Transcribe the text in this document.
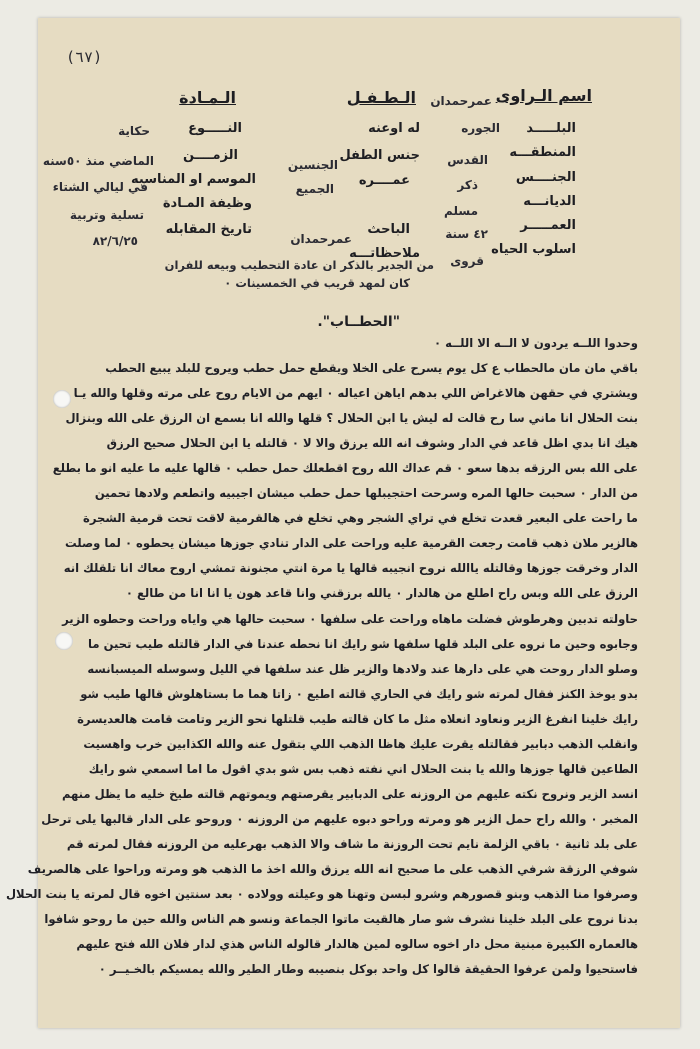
(٦٧)
اسم الـراوى
عمرحمدان
البلـــــد
الجوره
المنطقـــه
القدس
الجنــــس
ذكر
الديانـــه
مسلم
العمـــــر
٤٢ سنة
اسلوب الحياه
قروى
الـطـفـل
له اوعنه
جنس الطفل
الجنسين
عمــــره
الجميع
الباحث
عمرحمدان
ملاحظاتـــه
الـمـادة
النـــــوع
حكاية
الزمــــن
الماضي منذ ٥٠سنه
الموسم او المناسبه
في ليالي الشتاء
وظيفة المـادة
تسلية وتربية
تاريخ المقابله
٨٢/٦/٢٥
من الجدير بالذكر ان عادة التحطيب وبيعه للفران
كان لمهد قريب في الخمسينات ٠
"الحطــاب".
وحدوا اللــه يردون لا الــه الا اللــه ٠
باقي مان مان مالحطاب ع كل يوم يسرح على الخلا ويقطع حمل حطب ويروح للبلد يبيع الحطب
ويشتري في حقهن هالاغراض اللي بدهم اياهن اعياله ٠ ايهم من الايام روح على مرته وقلها والله يـا
بنت الحلال انا ماني سا رح قالت له ليش يا ابن الحلال ؟ قلها والله انا بسمع ان الرزق على الله وبنزال
هيك انا بدي اظل قاعد في الدار وشوف انه الله يرزق والا لا ٠ قالتله يا ابن الحلال صحيح الرزق
على الله بس الرزقه بدها سعو ٠ قم عداك الله روح اقطعلك حمل حطب ٠ قالها عليه ما عليه انو ما بطلع
من الدار ٠ سحبت حالها المره وسرحت احتجيبلها حمل حطب ميشان اجيبيه واتطعم ولادها تحمين
ما راحت على البعير قعدت تخلع في تراي الشجر وهي تخلع في هالقرمية لاقت تحت قرمية الشجرة
هالزير ملان ذهب قامت رجعت القرمية عليه وراحت على الدار تنادي جوزها ميشان يحطوه ٠ لما وصلت
الدار وخرقت جوزها وقالتله ياالله نروح انجيبه قالها يا مرة انتي مجنونة تمشي اروح معاك انا تلقلك انه
الرزق على الله وبس راح اطلع من هالدار ٠ يالله برزقني وانا قاعد هون يا انا انا من طالع ٠
حاولته تدبين وهرطوش فضلت ماهاه وراحت على سلفها ٠ سحبت حالها هي واياه وراحت وحطوه الزير
وجابوه وحين ما نروه على البلد قلها سلفها شو رايك انا نحطه عندنا في الدار قالتله طيب تحين ما
وصلو الدار روحت هي على دارها عند ولادها والزير ظل عند سلفها في الليل وسوسله الميسبانسه
بدو يوخذ الكنز فقال لمرته شو رايك في الحاري قالته اطيع ٠ زاتا هما ما بستاهلوش قالها طيب شو
رايك خلينا انفرغ الزير ونعاود انعلاه مثل ما كان قالته طيب قلتلها نحو الزير وتامت قامت هالعديسرة
وانقلب الذهب دبابير فقالتله يقرت عليك هاظا الذهب اللي بتقول عنه والله الكذابين خرب واهسيت
الطاعين قالها جوزها والله يا بنت الحلال اني نفته ذهب بس شو بدي اقول ما اما اسمعي شو رايك
انسد الزير ونروح نكته عليهم من الروزنه على الدبابير يقرصتهم ويموتهم قالته طيخ خليه ما يظل منهم
المخبر ٠ والله راح حمل الزير هو ومرته وراحو دبوه عليهم من الروزنه ٠ وروحو على الدار قالبها يلى ترحل
على بلد ثانية ٠ باقي الزلمة نايم تحت الروزنة ما شاف والا الذهب بهرعليه من الروزنه فقال لمرته قم
شوفي الرزقة شرفي الذهب على ما صحيح انه الله يرزق والله اخذ ما الذهب هو ومرته وراحوا على هالصريف
وصرفوا منا الذهب وبنو قصورهم وشرو لبسن وتهنا هو وعيلته وولاده ٠ بعد سنتين اخوه قال لمرته يا بنت الحلال
بدنا نروح على البلد خلينا نشرف شو صار هالقيت ماتوا الجماعة ونسو هم الناس والله حين ما روحو شافوا
هالعماره الكبيرة مبنية محل دار اخوه سالوه لمين هالدار قالوله الناس هذي لدار فلان الله فتح عليهم
فاستحيوا ولمن عرفوا الحقيقة قالوا كل واحد بوكل بنصيبه وطار الطير والله يمسيكم بالخـيــر ٠
